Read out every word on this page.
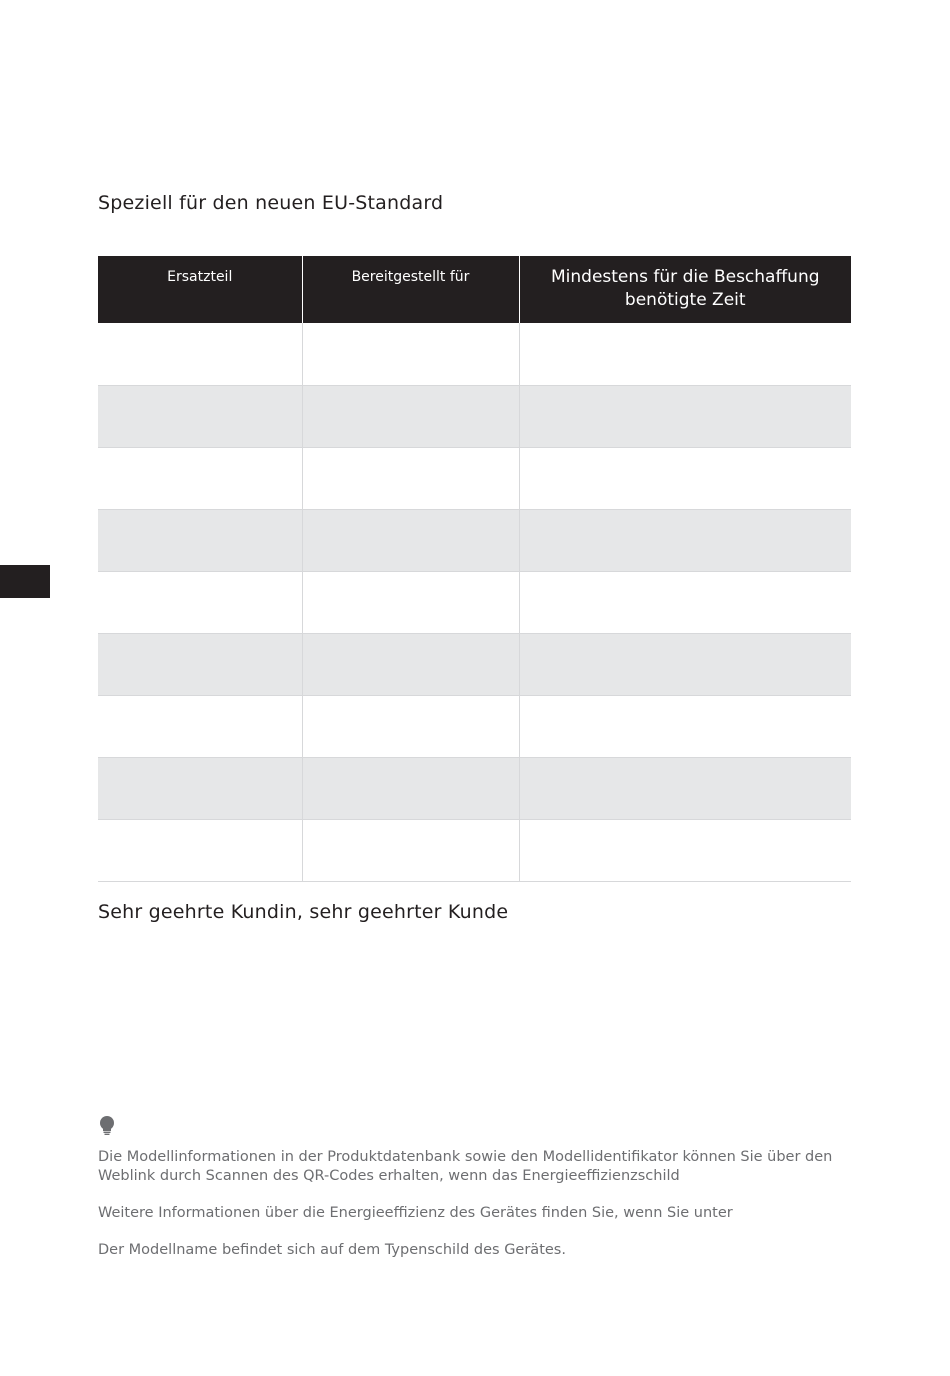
Speziell für den neuen EU-Standard
Ersatzteil	Bereitgestellt für	Mindestens für die Beschaffung benötigte Zeit

Sehr geehrte Kundin, sehr geehrter Kunde

Die Modellinformationen in der Produktdatenbank sowie den Modellidentifikator können Sie über den Weblink durch Scannen des QR-Codes erhalten, wenn das Energieeffizienzschild

Weitere Informationen über die Energieeffizienz des Gerätes finden Sie, wenn Sie unter

Der Modellname befindet sich auf dem Typenschild des Gerätes.
